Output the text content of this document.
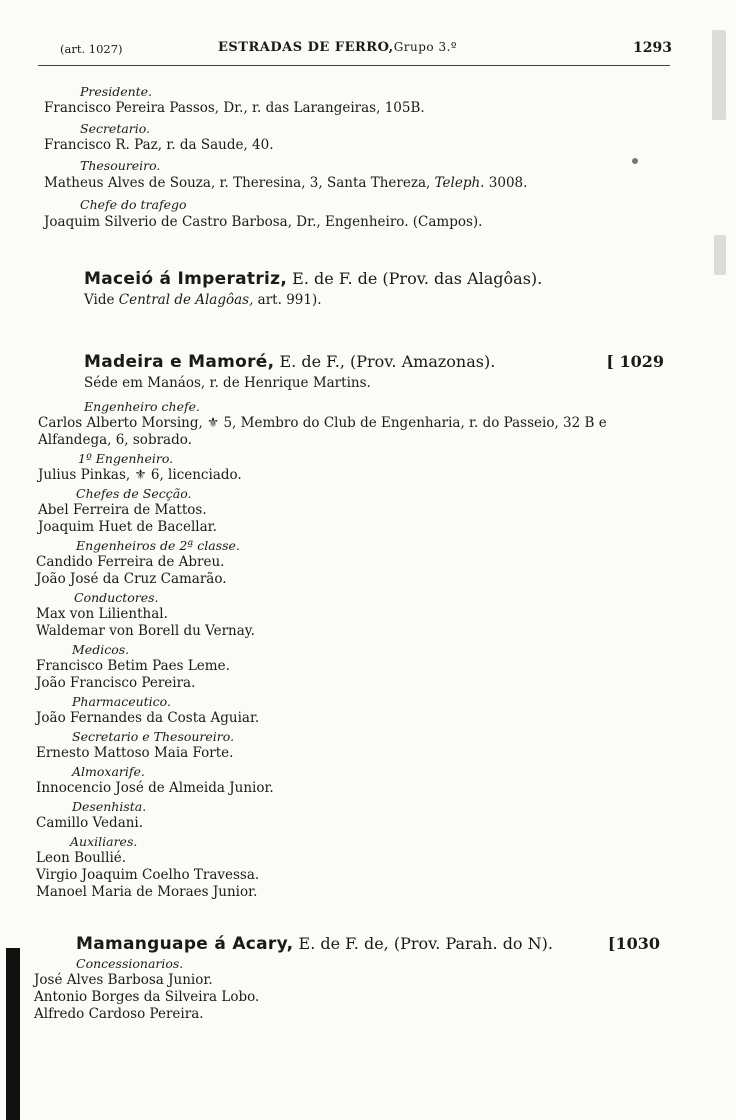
(art. 1027)	ESTRADAS DE FERRO,Grupo 3.º	1293
Presidente.
Francisco Pereira Passos, Dr., r. das Larangeiras, 105B.
Secretario.
Francisco R. Paz, r. da Saude, 40.
Thesoureiro.
Matheus Alves de Souza, r. Theresina, 3, Santa Thereza, Teleph. 3008.
Chefe do trafego
Joaquim Silverio de Castro Barbosa, Dr., Engenheiro. (Campos).
Maceió á Imperatriz, E. de F. de (Prov. das Alagôas).
Vide Central de Alagôas, art. 991).
Madeira e Mamoré, E. de F., (Prov. Amazonas).	[ 1029
Séde em Manáos, r. de Henrique Martins.
Engenheiro chefe.
Carlos Alberto Morsing, ⚜ 5, Membro do Club de Engenharia, r. do Passeio, 32 B e
Alfandega, 6, sobrado.
1º Engenheiro.
Julius Pinkas, ⚜ 6, licenciado.
Chefes de Secção.
Abel Ferreira de Mattos.
Joaquim Huet de Bacellar.
Engenheiros de 2ª classe.
Candido Ferreira de Abreu.
João José da Cruz Camarão.
Conductores.
Max von Lilienthal.
Waldemar von Borell du Vernay.
Medicos.
Francisco Betim Paes Leme.
João Francisco Pereira.
Pharmaceutico.
João Fernandes da Costa Aguiar.
Secretario e Thesoureiro.
Ernesto Mattoso Maia Forte.
Almoxarife.
Innocencio José de Almeida Junior.
Desenhista.
Camillo Vedani.
Auxiliares.
Leon Boullié.
Virgio Joaquim Coelho Travessa.
Manoel Maria de Moraes Junior.
Mamanguape á Acary, E. de F. de, (Prov. Parah. do N).	[1030
Concessionarios.
José Alves Barbosa Junior.
Antonio Borges da Silveira Lobo.
Alfredo Cardoso Pereira.
